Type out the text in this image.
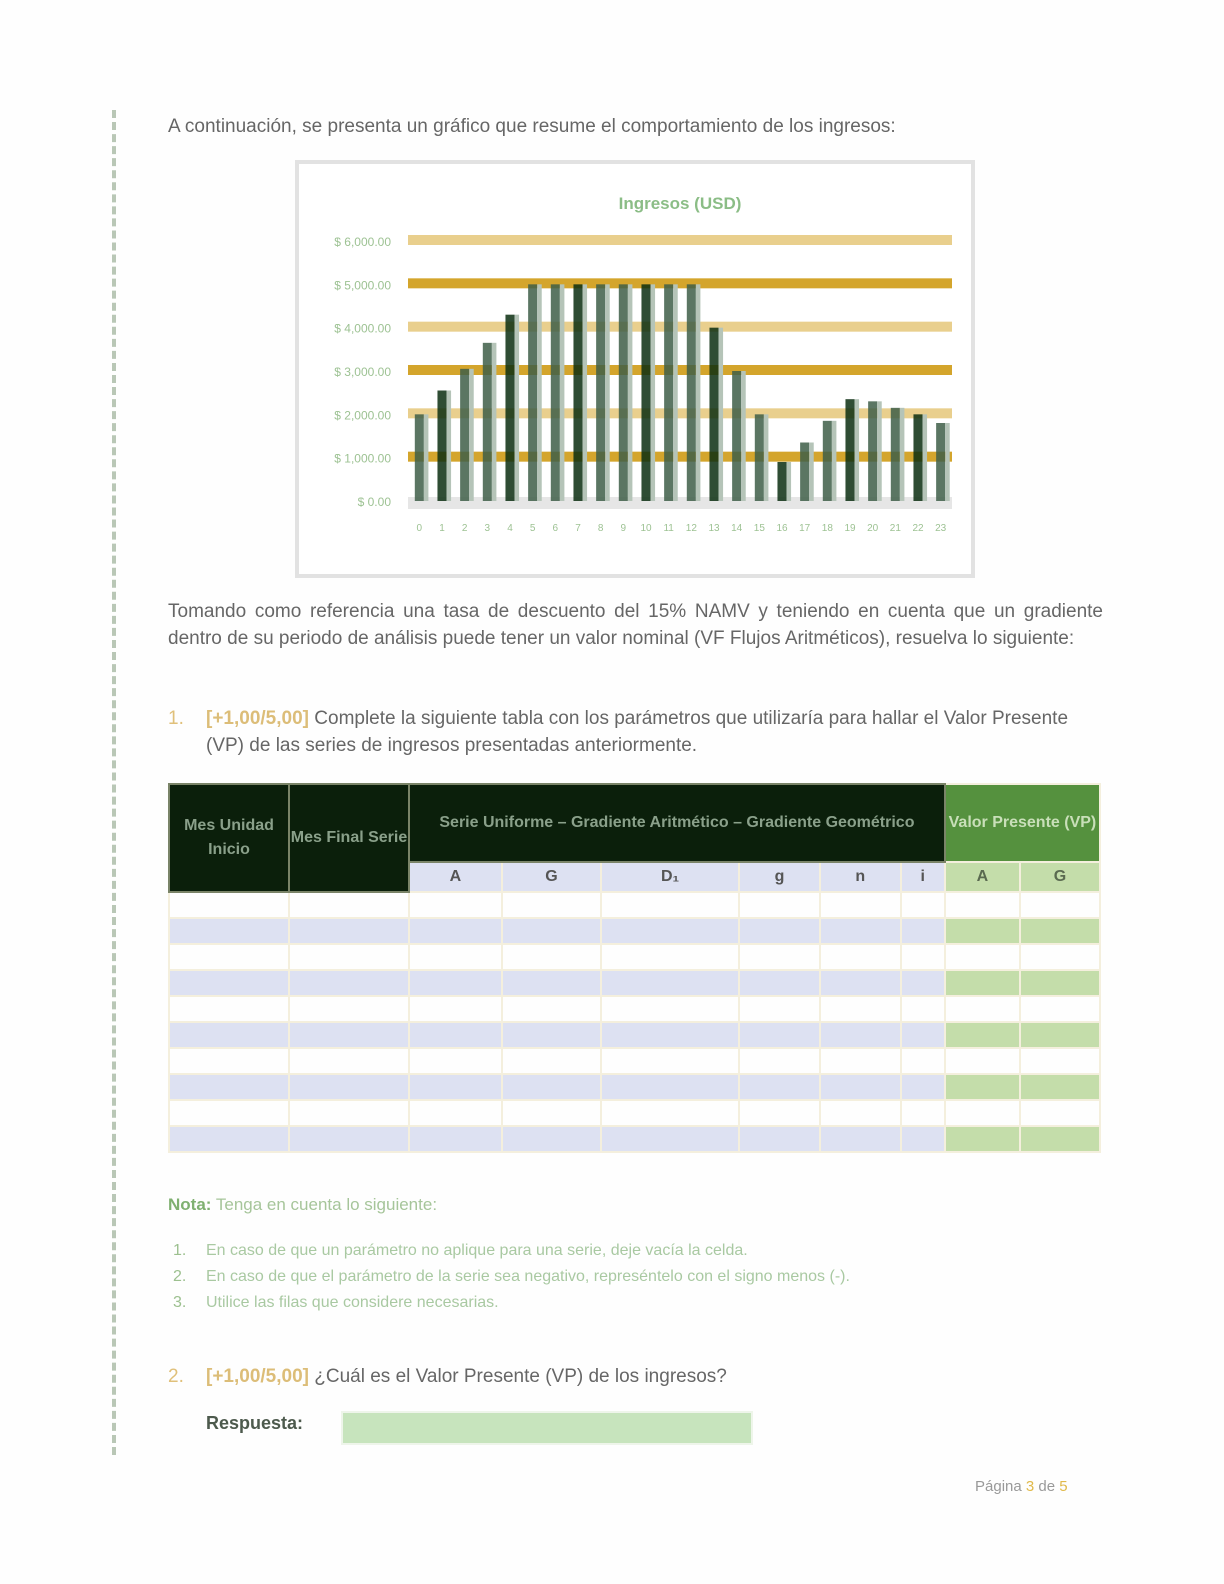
A continuación, se presenta un gráfico que resume el comportamiento de los ingresos:
Ingresos (USD)
$ 0.00
$ 1,000.00
$ 2,000.00
$ 3,000.00
$ 4,000.00
$ 5,000.00
$ 6,000.00
0 1 2 3 4 5 6 7 8 9 10 11 12 13 14 15 16 17 18 19 20 21 22 23
Tomando como referencia una tasa de descuento del 15% NAMV y teniendo en cuenta que un gradiente dentro de su periodo de análisis puede tener un valor nominal (VF Flujos Aritméticos), resuelva lo siguiente:
1. [+1,00/5,00] Complete la siguiente tabla con los parámetros que utilizaría para hallar el Valor Presente (VP) de las series de ingresos presentadas anteriormente.
Mes Unidad Inicio	Mes Final Serie	Serie Uniforme – Gradiente Aritmético – Gradiente Geométrico						Valor Presente (VP)	
		A	G	D₁	g	n	i	A	G

Nota: Tenga en cuenta lo siguiente:
1. En caso de que un parámetro no aplique para una serie, deje vacía la celda.
2. En caso de que el parámetro de la serie sea negativo, represéntelo con el signo menos (-).
3. Utilice las filas que considere necesarias.
2. [+1,00/5,00] ¿Cuál es el Valor Presente (VP) de los ingresos?
Respuesta:
Página 3 de 5
